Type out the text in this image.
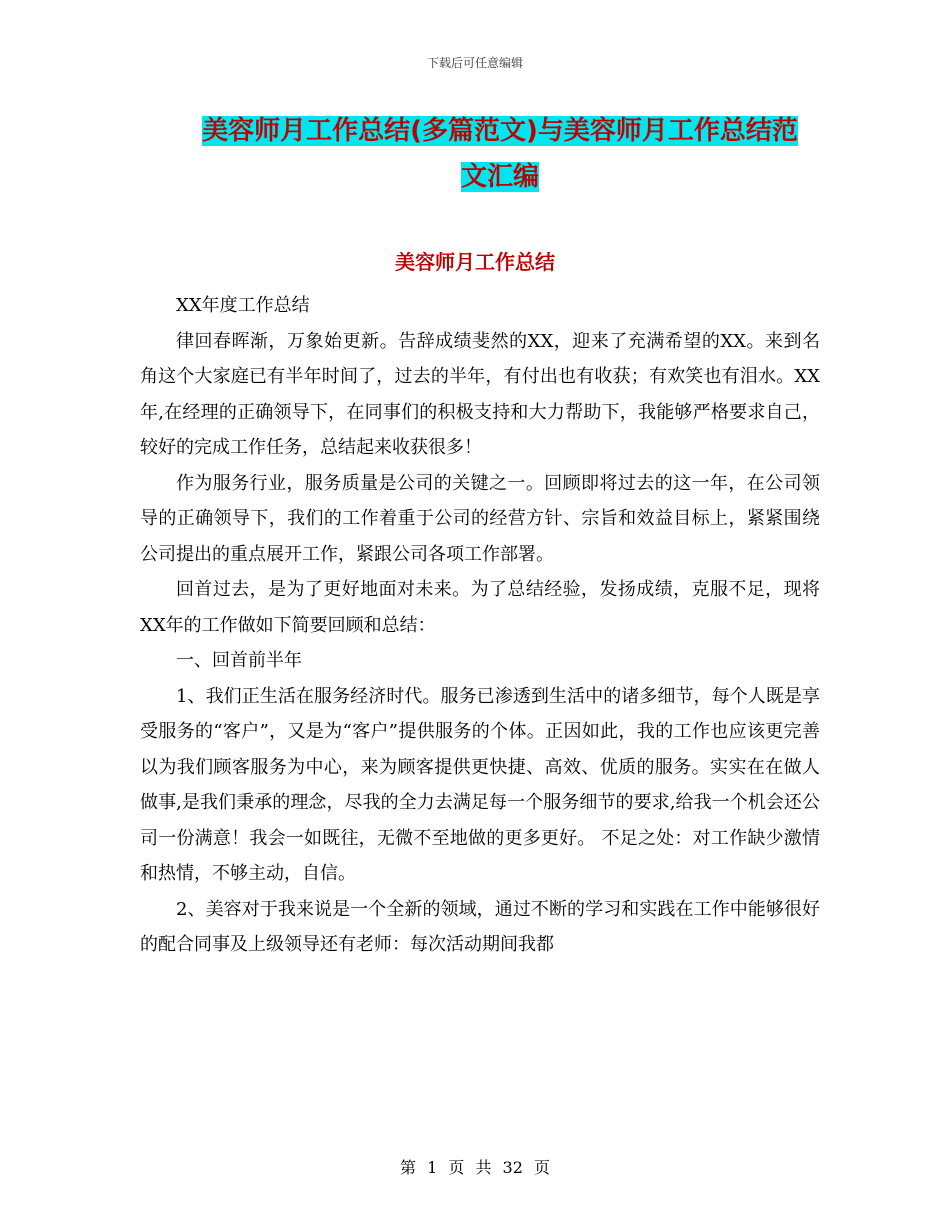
下载后可任意编辑
美容师月工作总结(多篇范文)与美容师月工作总结范
文汇编
美容师月工作总结

XX年度工作总结

律回春晖渐，万象始更新。告辞成绩斐然的XX，迎来了充满希望的XX。来到名角这个大家庭已有半年时间了，过去的半年，有付出也有收获；有欢笑也有泪水。XX年,在经理的正确领导下，在同事们的积极支持和大力帮助下，我能够严格要求自己，较好的完成工作任务，总结起来收获很多！

作为服务行业，服务质量是公司的关键之一。回顾即将过去的这一年，在公司领导的正确领导下，我们的工作着重于公司的经营方针、宗旨和效益目标上，紧紧围绕公司提出的重点展开工作，紧跟公司各项工作部署。

回首过去，是为了更好地面对未来。为了总结经验，发扬成绩，克服不足，现将XX年的工作做如下简要回顾和总结：

一、回首前半年

1、我们正生活在服务经济时代。服务已渗透到生活中的诸多细节，每个人既是享受服务的“客户”，又是为“客户”提供服务的个体。正因如此，我的工作也应该更完善以为我们顾客服务为中心，来为顾客提供更快捷、高效、优质的服务。实实在在做人做事,是我们秉承的理念，尽我的全力去满足每一个服务细节的要求,给我一个机会还公司一份满意！我会一如既往，无微不至地做的更多更好。 不足之处：对工作缺少激情和热情，不够主动，自信。

2、美容对于我来说是一个全新的领域，通过不断的学习和实践在工作中能够很好的配合同事及上级领导还有老师：每次活动期间我都

第 1 页 共 32 页
